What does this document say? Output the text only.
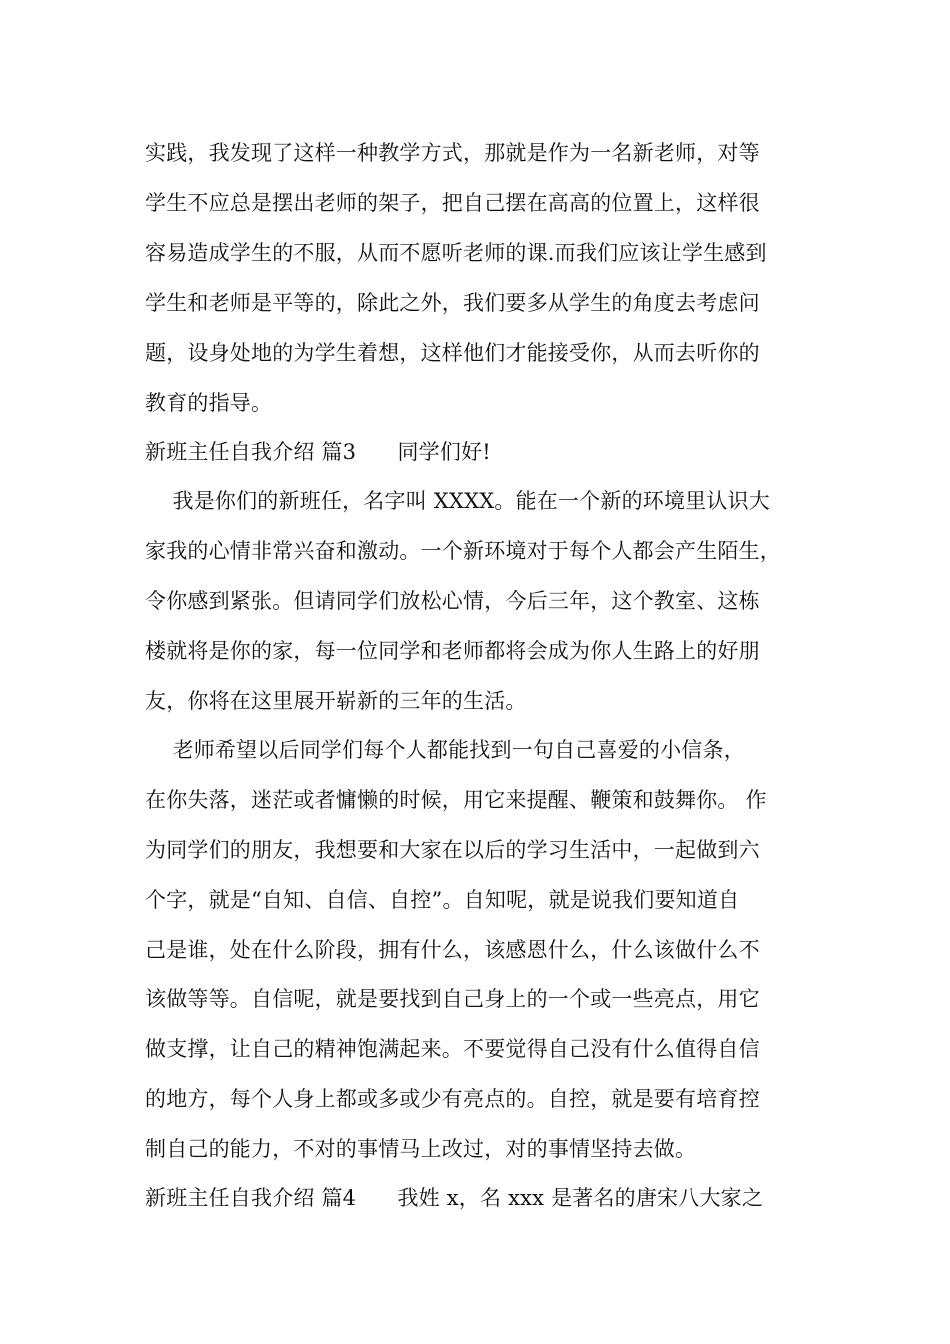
实践，我发现了这样一种教学方式，那就是作为一名新老师，对等
学生不应总是摆出老师的架子，把自己摆在高高的位置上，这样很
容易造成学生的不服，从而不愿听老师的课.而我们应该让学生感到
学生和老师是平等的，除此之外，我们要多从学生的角度去考虑问
题，设身处地的为学生着想，这样他们才能接受你，从而去听你的
教育的指导。
新班主任自我介绍 篇3      同学们好!
我是你们的新班任，名字叫 XXXX。能在一个新的环境里认识大
家我的心情非常兴奋和激动。一个新环境对于每个人都会产生陌生，
令你感到紧张。但请同学们放松心情，今后三年，这个教室、这栋
楼就将是你的家，每一位同学和老师都将会成为你人生路上的好朋
友，你将在这里展开崭新的三年的生活。
老师希望以后同学们每个人都能找到一句自己喜爱的小信条，
在你失落，迷茫或者慵懒的时候，用它来提醒、鞭策和鼓舞你。 作
为同学们的朋友，我想要和大家在以后的学习生活中，一起做到六
个字，就是“自知、自信、自控”。自知呢，就是说我们要知道自
己是谁，处在什么阶段，拥有什么，该感恩什么，什么该做什么不
该做等等。自信呢，就是要找到自己身上的一个或一些亮点，用它
做支撑，让自己的精神饱满起来。不要觉得自己没有什么值得自信
的地方，每个人身上都或多或少有亮点的。自控，就是要有培育控
制自己的能力，不对的事情马上改过，对的事情坚持去做。
新班主任自我介绍 篇4      我姓 x，名 xxx 是著名的唐宋八大家之
